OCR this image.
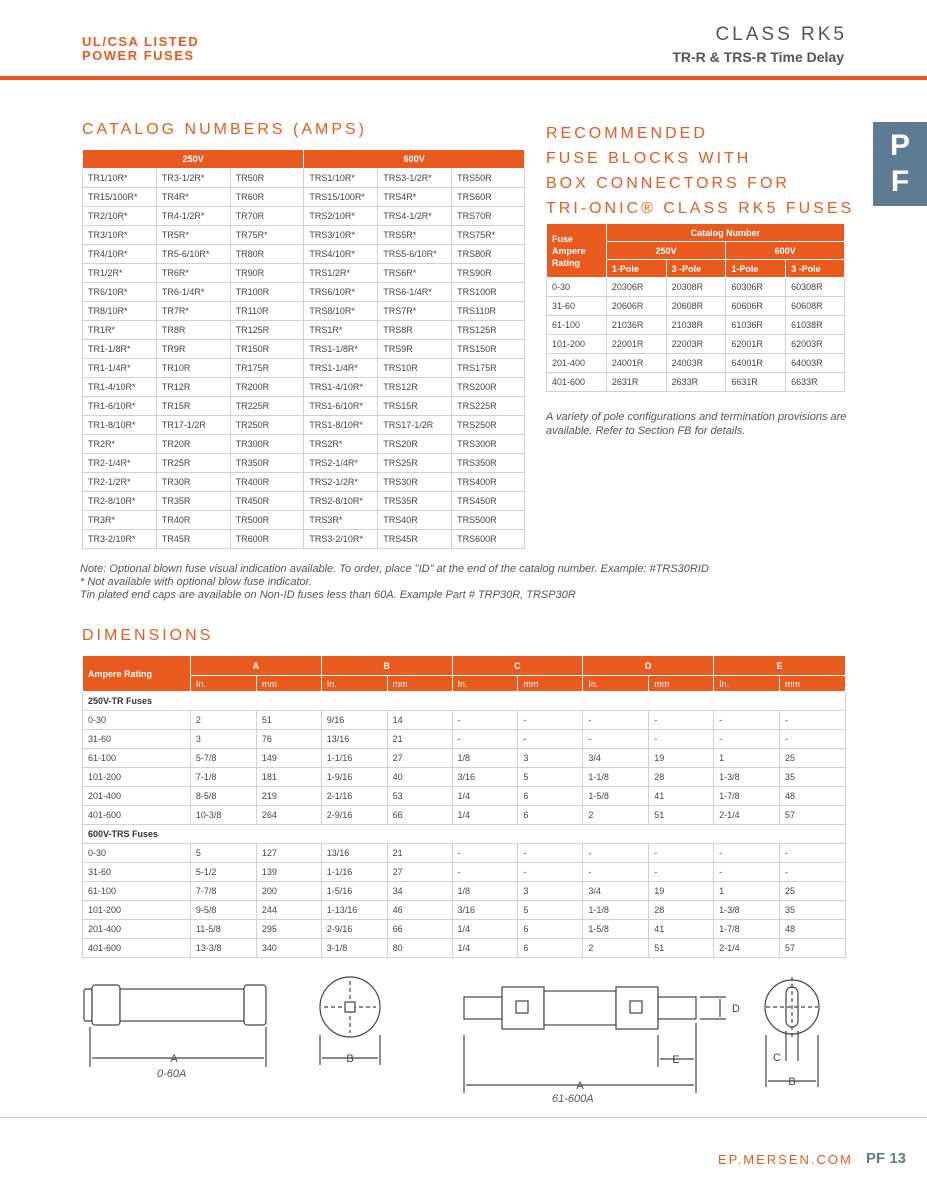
UL/CSA LISTED
POWER FUSES
CLASS RK5
TR-R & TRS-R Time Delay
P
F
CATALOG NUMBERS (AMPS)
250V			600V		
TR1/10R*	TR3-1/2R*	TR50R	TRS1/10R*	TRS3-1/2R*	TRS50R
TR15/100R*	TR4R*	TR60R	TRS15/100R*	TRS4R*	TRS60R
TR2/10R*	TR4-1/2R*	TR70R	TRS2/10R*	TRS4-1/2R*	TRS70R
TR3/10R*	TR5R*	TR75R*	TRS3/10R*	TRS5R*	TRS75R*
TR4/10R*	TR5-6/10R*	TR80R	TRS4/10R*	TRS5-6/10R*	TRS80R
TR1/2R*	TR6R*	TR90R	TRS1/2R*	TRS6R*	TRS90R
TR6/10R*	TR6-1/4R*	TR100R	TRS6/10R*	TRS6-1/4R*	TRS100R
TR8/10R*	TR7R*	TR110R	TRS8/10R*	TRS7R*	TRS110R
TR1R*	TR8R	TR125R	TRS1R*	TRS8R	TRS125R
TR1-1/8R*	TR9R	TR150R	TRS1-1/8R*	TRS9R	TRS150R
TR1-1/4R*	TR10R	TR175R	TRS1-1/4R*	TRS10R	TRS175R
TR1-4/10R*	TR12R	TR200R	TRS1-4/10R*	TRS12R	TRS200R
TR1-6/10R*	TR15R	TR225R	TRS1-6/10R*	TRS15R	TRS225R
TR1-8/10R*	TR17-1/2R	TR250R	TRS1-8/10R*	TRS17-1/2R	TRS250R
TR2R*	TR20R	TR300R	TRS2R*	TRS20R	TRS300R
TR2-1/4R*	TR25R	TR350R	TRS2-1/4R*	TRS25R	TRS350R
TR2-1/2R*	TR30R	TR400R	TRS2-1/2R*	TRS30R	TRS400R
TR2-8/10R*	TR35R	TR450R	TRS2-8/10R*	TRS35R	TRS450R
TR3R*	TR40R	TR500R	TRS3R*	TRS40R	TRS500R
TR3-2/10R*	TR45R	TR600R	TRS3-2/10R*	TRS45R	TRS600R
RECOMMENDED
FUSE BLOCKS WITH
BOX CONNECTORS FOR
TRI-ONIC® CLASS RK5 FUSES
Fuse Ampere Rating	Catalog Number			
	250V		600V	
	1-Pole	3 -Pole	1-Pole	3 -Pole
0-30	20306R	20308R	60306R	60308R
31-60	20606R	20608R	60606R	60608R
61-100	21036R	21038R	61036R	61038R
101-200	22001R	22003R	62001R	62003R
201-400	24001R	24003R	64001R	64003R
401-600	2631R	2633R	6631R	6633R
A variety of pole configurations and termination provisions are available. Refer to Section FB for details.
Note: Optional blown fuse visual indication available. To order, place "ID" at the end of the catalog number. Example: #TRS30RID
* Not available with optional blow fuse indicator.
Tin plated end caps are available on Non-ID fuses less than 60A. Example Part # TRP30R, TRSP30R
DIMENSIONS
Ampere Rating	A		B		C		D		E	
	In.	mm	In.	mm	In.	mm	In.	mm	In.	mm
250V-TR Fuses										
0-30	2	51	9/16	14	-	-	-	-	-	-
31-60	3	76	13/16	21	-	-	-	-	-	-
61-100	5-7/8	149	1-1/16	27	1/8	3	3/4	19	1	25
101-200	7-1/8	181	1-9/16	40	3/16	5	1-1/8	28	1-3/8	35
201-400	8-5/8	219	2-1/16	53	1/4	6	1-5/8	41	1-7/8	48
401-600	10-3/8	264	2-9/16	66	1/4	6	2	51	2-1/4	57
600V-TRS Fuses										
0-30	5	127	13/16	21	-	-	-	-	-	-
31-60	5-1/2	139	1-1/16	27	-	-	-	-	-	-
61-100	7-7/8	200	1-5/16	34	1/8	3	3/4	19	1	25
101-200	9-5/8	244	1-13/16	46	3/16	5	1-1/8	28	1-3/8	35
201-400	11-5/8	295	2-9/16	66	1/4	6	1-5/8	41	1-7/8	48
401-600	13-3/8	340	3-1/8	80	1/4	6	2	51	2-1/4	57
A	B
A
E
D
C
B
0-60A
61-600A
EP.MERSEN.COM PF 13
